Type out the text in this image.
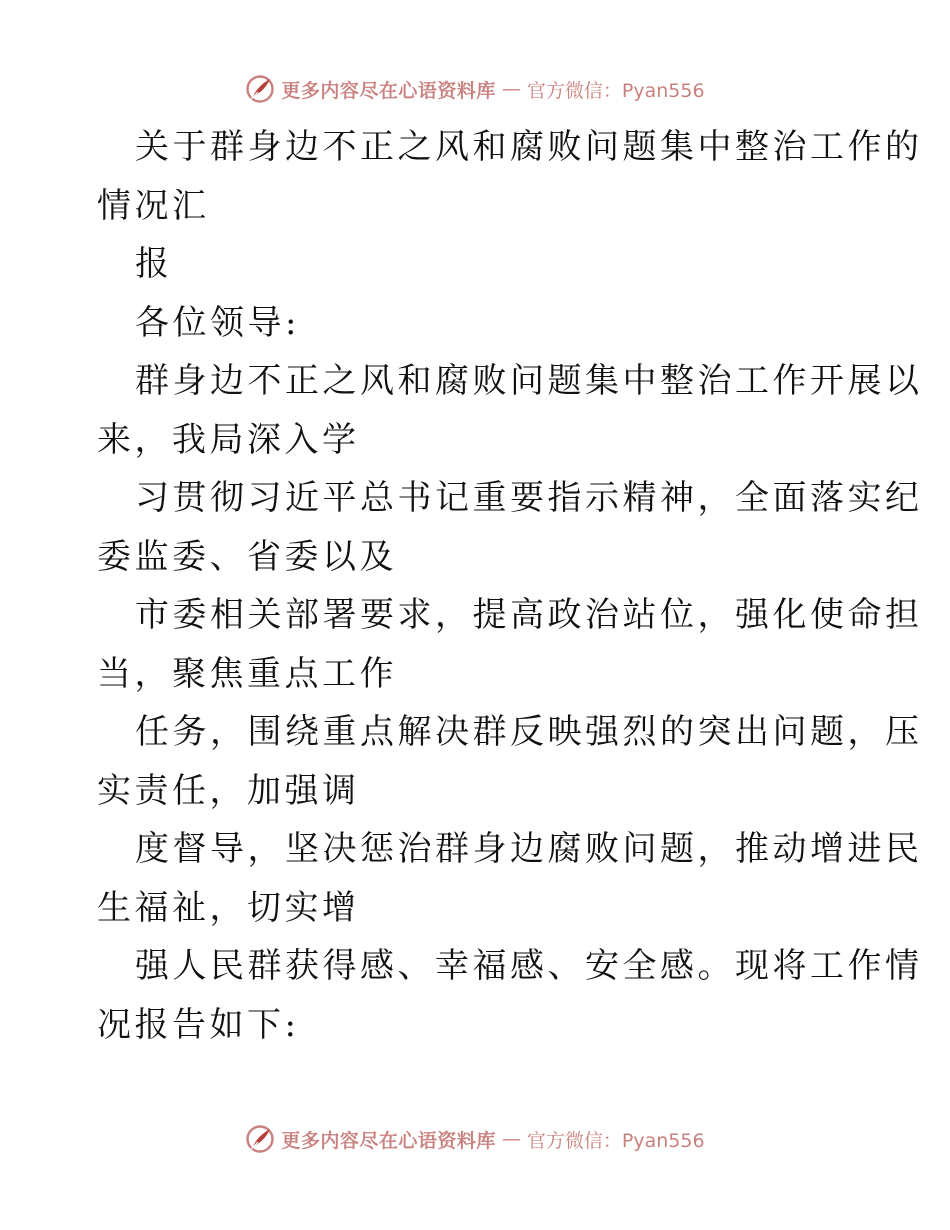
更多内容尽在心语资料库 — 官方微信：Pyan556
关于群身边不正之风和腐败问题集中整治工作的
情况汇
报
各位领导:
群身边不正之风和腐败问题集中整治工作开展以
来，我局深入学
习贯彻习近平总书记重要指示精神，全面落实纪
委监委、省委以及
市委相关部署要求，提高政治站位，强化使命担
当，聚焦重点工作
任务，围绕重点解决群反映强烈的突出问题，压
实责任，加强调
度督导，坚决惩治群身边腐败问题，推动增进民
生福祉，切实增
强人民群获得感、幸福感、安全感。现将工作情
况报告如下:
更多内容尽在心语资料库 — 官方微信：Pyan556
